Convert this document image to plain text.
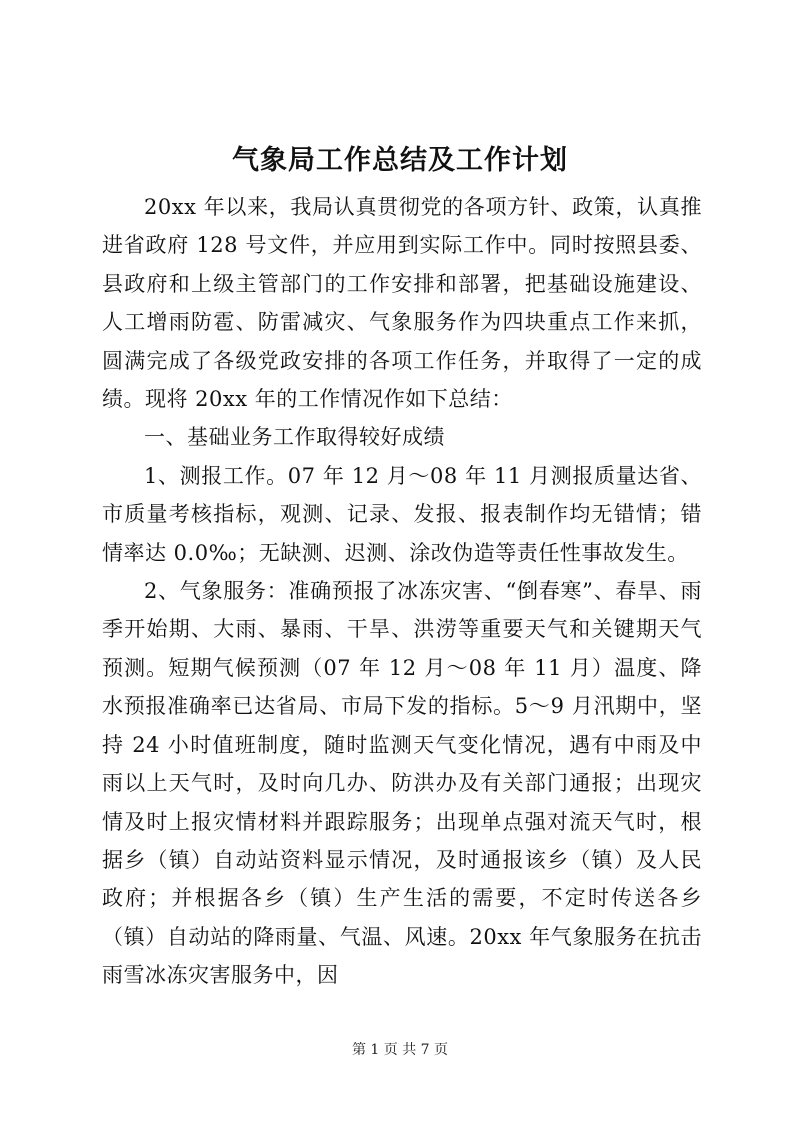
气象局工作总结及工作计划

20xx 年以来，我局认真贯彻党的各项方针、政策，认真推进省政府 128 号文件，并应用到实际工作中。同时按照县委、县政府和上级主管部门的工作安排和部署，把基础设施建设、人工增雨防雹、防雷减灾、气象服务作为四块重点工作来抓，圆满完成了各级党政安排的各项工作任务，并取得了一定的成绩。现将 20xx 年的工作情况作如下总结：

一、基础业务工作取得较好成绩

1、测报工作。07 年 12 月～08 年 11 月测报质量达省、市质量考核指标，观测、记录、发报、报表制作均无错情；错情率达 0.0‰；无缺测、迟测、涂改伪造等责任性事故发生。

2、气象服务：准确预报了冰冻灾害、“倒春寒”、春旱、雨季开始期、大雨、暴雨、干旱、洪涝等重要天气和关键期天气预测。短期气候预测（07 年 12 月～08 年 11 月）温度、降水预报准确率已达省局、市局下发的指标。5～9 月汛期中，坚持 24 小时值班制度，随时监测天气变化情况，遇有中雨及中雨以上天气时，及时向几办、防洪办及有关部门通报；出现灾情及时上报灾情材料并跟踪服务；出现单点强对流天气时，根据乡（镇）自动站资料显示情况，及时通报该乡（镇）及人民政府；并根据各乡（镇）生产生活的需要，不定时传送各乡（镇）自动站的降雨量、气温、风速。20xx 年气象服务在抗击雨雪冰冻灾害服务中，因

第 1 页 共 7 页
